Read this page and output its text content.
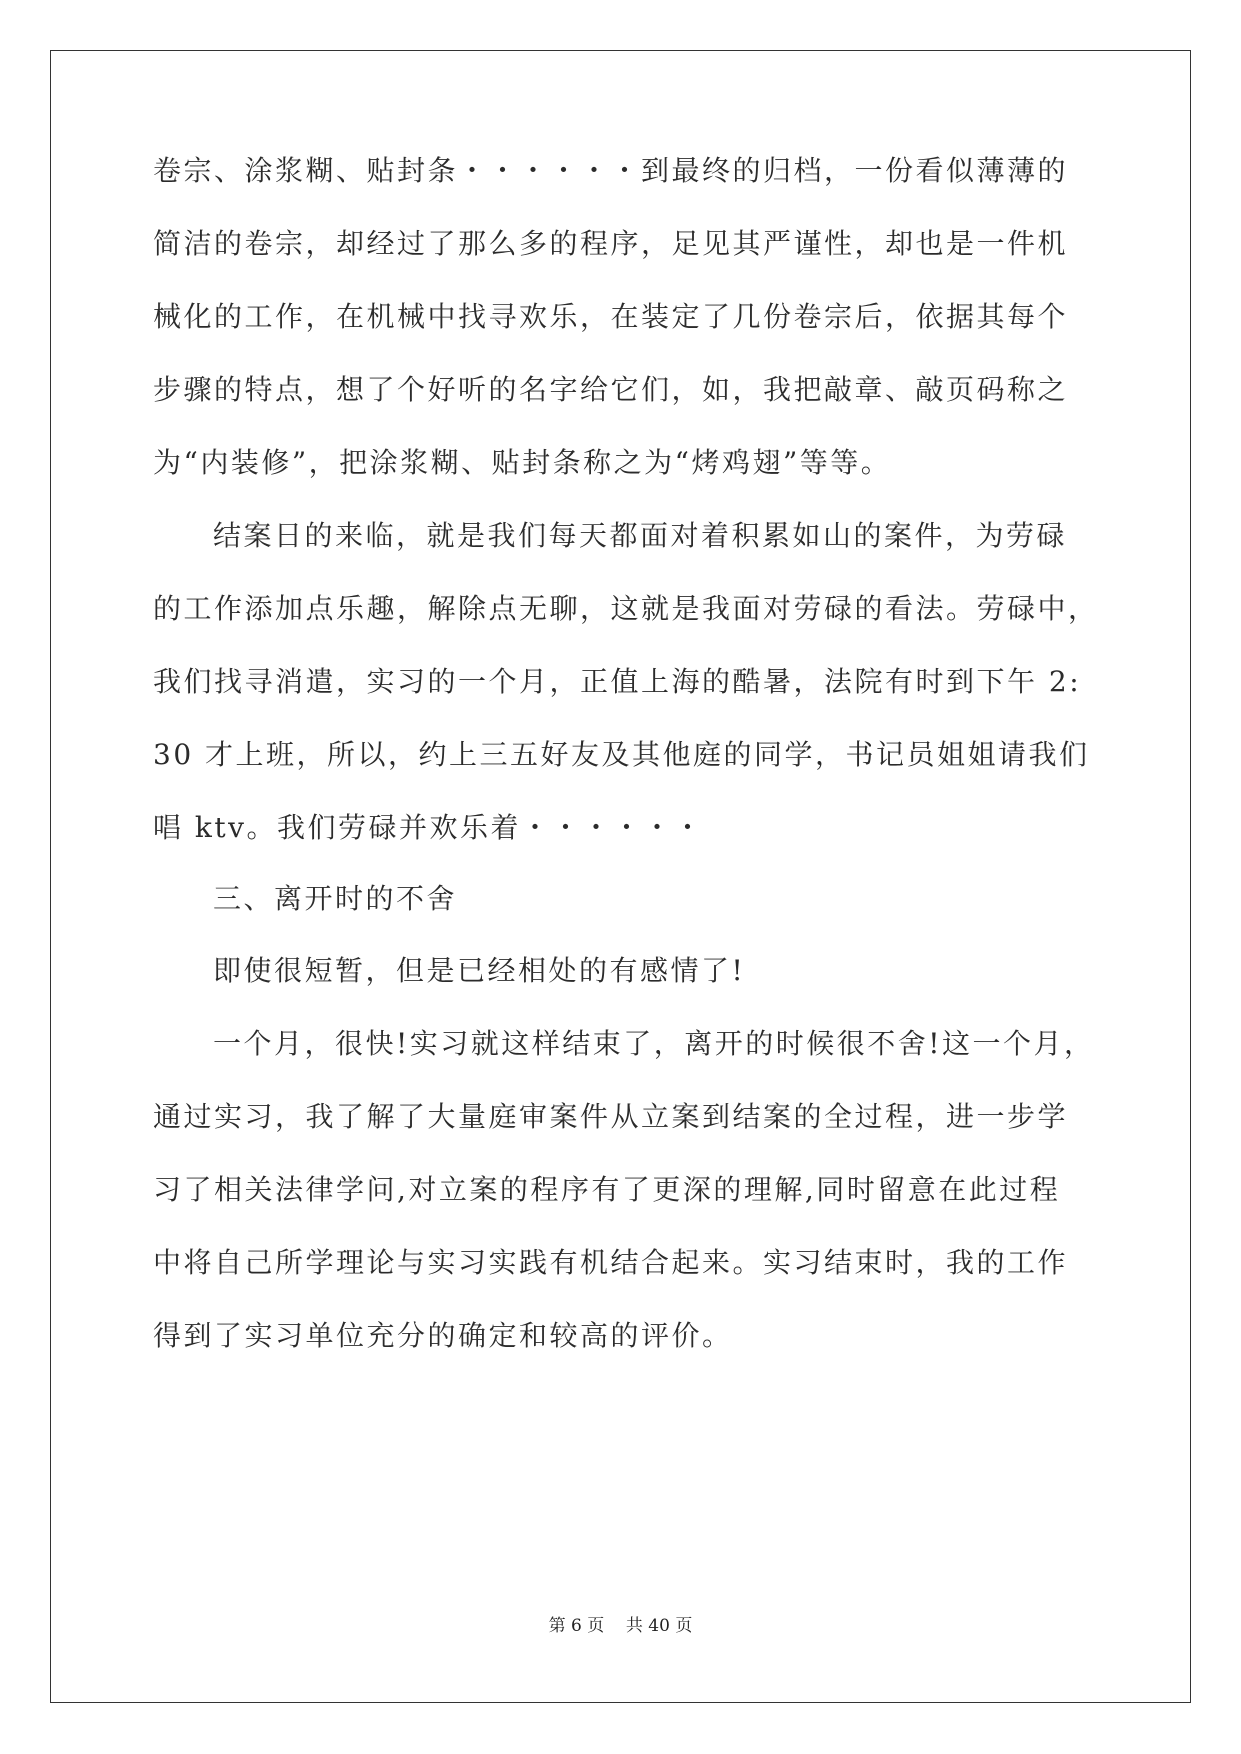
卷宗、涂浆糊、贴封条・・・・・・到最终的归档，一份看似薄薄的
简洁的卷宗，却经过了那么多的程序，足见其严谨性，却也是一件机
械化的工作，在机械中找寻欢乐，在装定了几份卷宗后，依据其每个
步骤的特点，想了个好听的名字给它们，如，我把敲章、敲页码称之
为“内装修”，把涂浆糊、贴封条称之为“烤鸡翅”等等。
结案日的来临，就是我们每天都面对着积累如山的案件，为劳碌
的工作添加点乐趣，解除点无聊，这就是我面对劳碌的看法。劳碌中，
我们找寻消遣，实习的一个月，正值上海的酷暑，法院有时到下午 2:
30 才上班，所以，约上三五好友及其他庭的同学，书记员姐姐请我们
唱 ktv。我们劳碌并欢乐着・・・・・・
三、离开时的不舍
即使很短暂，但是已经相处的有感情了!
一个月，很快!实习就这样结束了，离开的时候很不舍!这一个月，
通过实习，我了解了大量庭审案件从立案到结案的全过程，进一步学
习了相关法律学问,对立案的程序有了更深的理解,同时留意在此过程
中将自己所学理论与实习实践有机结合起来。实习结束时，我的工作
得到了实习单位充分的确定和较高的评价。
第 6 页    共 40 页
